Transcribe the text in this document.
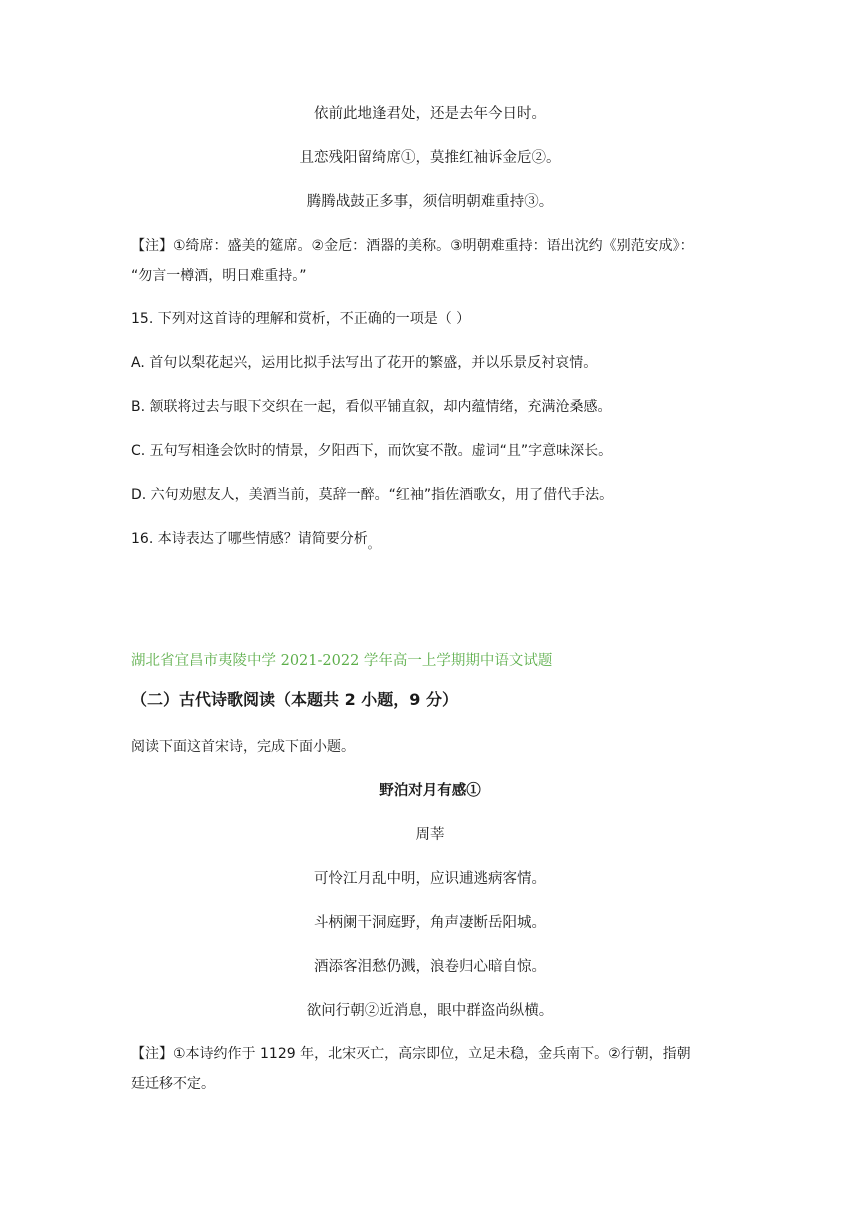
依前此地逢君处，还是去年今日时。
且恋残阳留绮席①，莫推红袖诉金卮②。
腾腾战鼓正多事，须信明朝难重持③。
【注】①绮席：盛美的筵席。②金卮：酒器的美称。③明朝难重持：语出沈约《别范安成》：
“勿言一樽酒，明日难重持。”
15. 下列对这首诗的理解和赏析，不正确的一项是（ ）
A. 首句以梨花起兴，运用比拟手法写出了花开的繁盛，并以乐景反衬哀情。
B. 颔联将过去与眼下交织在一起，看似平铺直叙，却内蕴情绪，充满沧桑感。
C. 五句写相逢会饮时的情景，夕阳西下，而饮宴不散。虚词“且”字意味深长。
D. 六句劝慰友人，美酒当前，莫辞一醉。“红袖”指佐酒歌女，用了借代手法。
16. 本诗表达了哪些情感？请简要分析。
湖北省宜昌市夷陵中学 2021-2022 学年高一上学期期中语文试题
（二）古代诗歌阅读（本题共 2 小题，9 分）
阅读下面这首宋诗，完成下面小题。
野泊对月有感①
周莘
可怜江月乱中明，应识逋逃病客情。
斗柄阑干洞庭野，角声凄断岳阳城。
酒添客泪愁仍溅，浪卷归心暗自惊。
欲问行朝②近消息，眼中群盗尚纵横。
【注】①本诗约作于 1129 年，北宋灭亡，高宗即位，立足未稳，金兵南下。②行朝，指朝
廷迁移不定。
